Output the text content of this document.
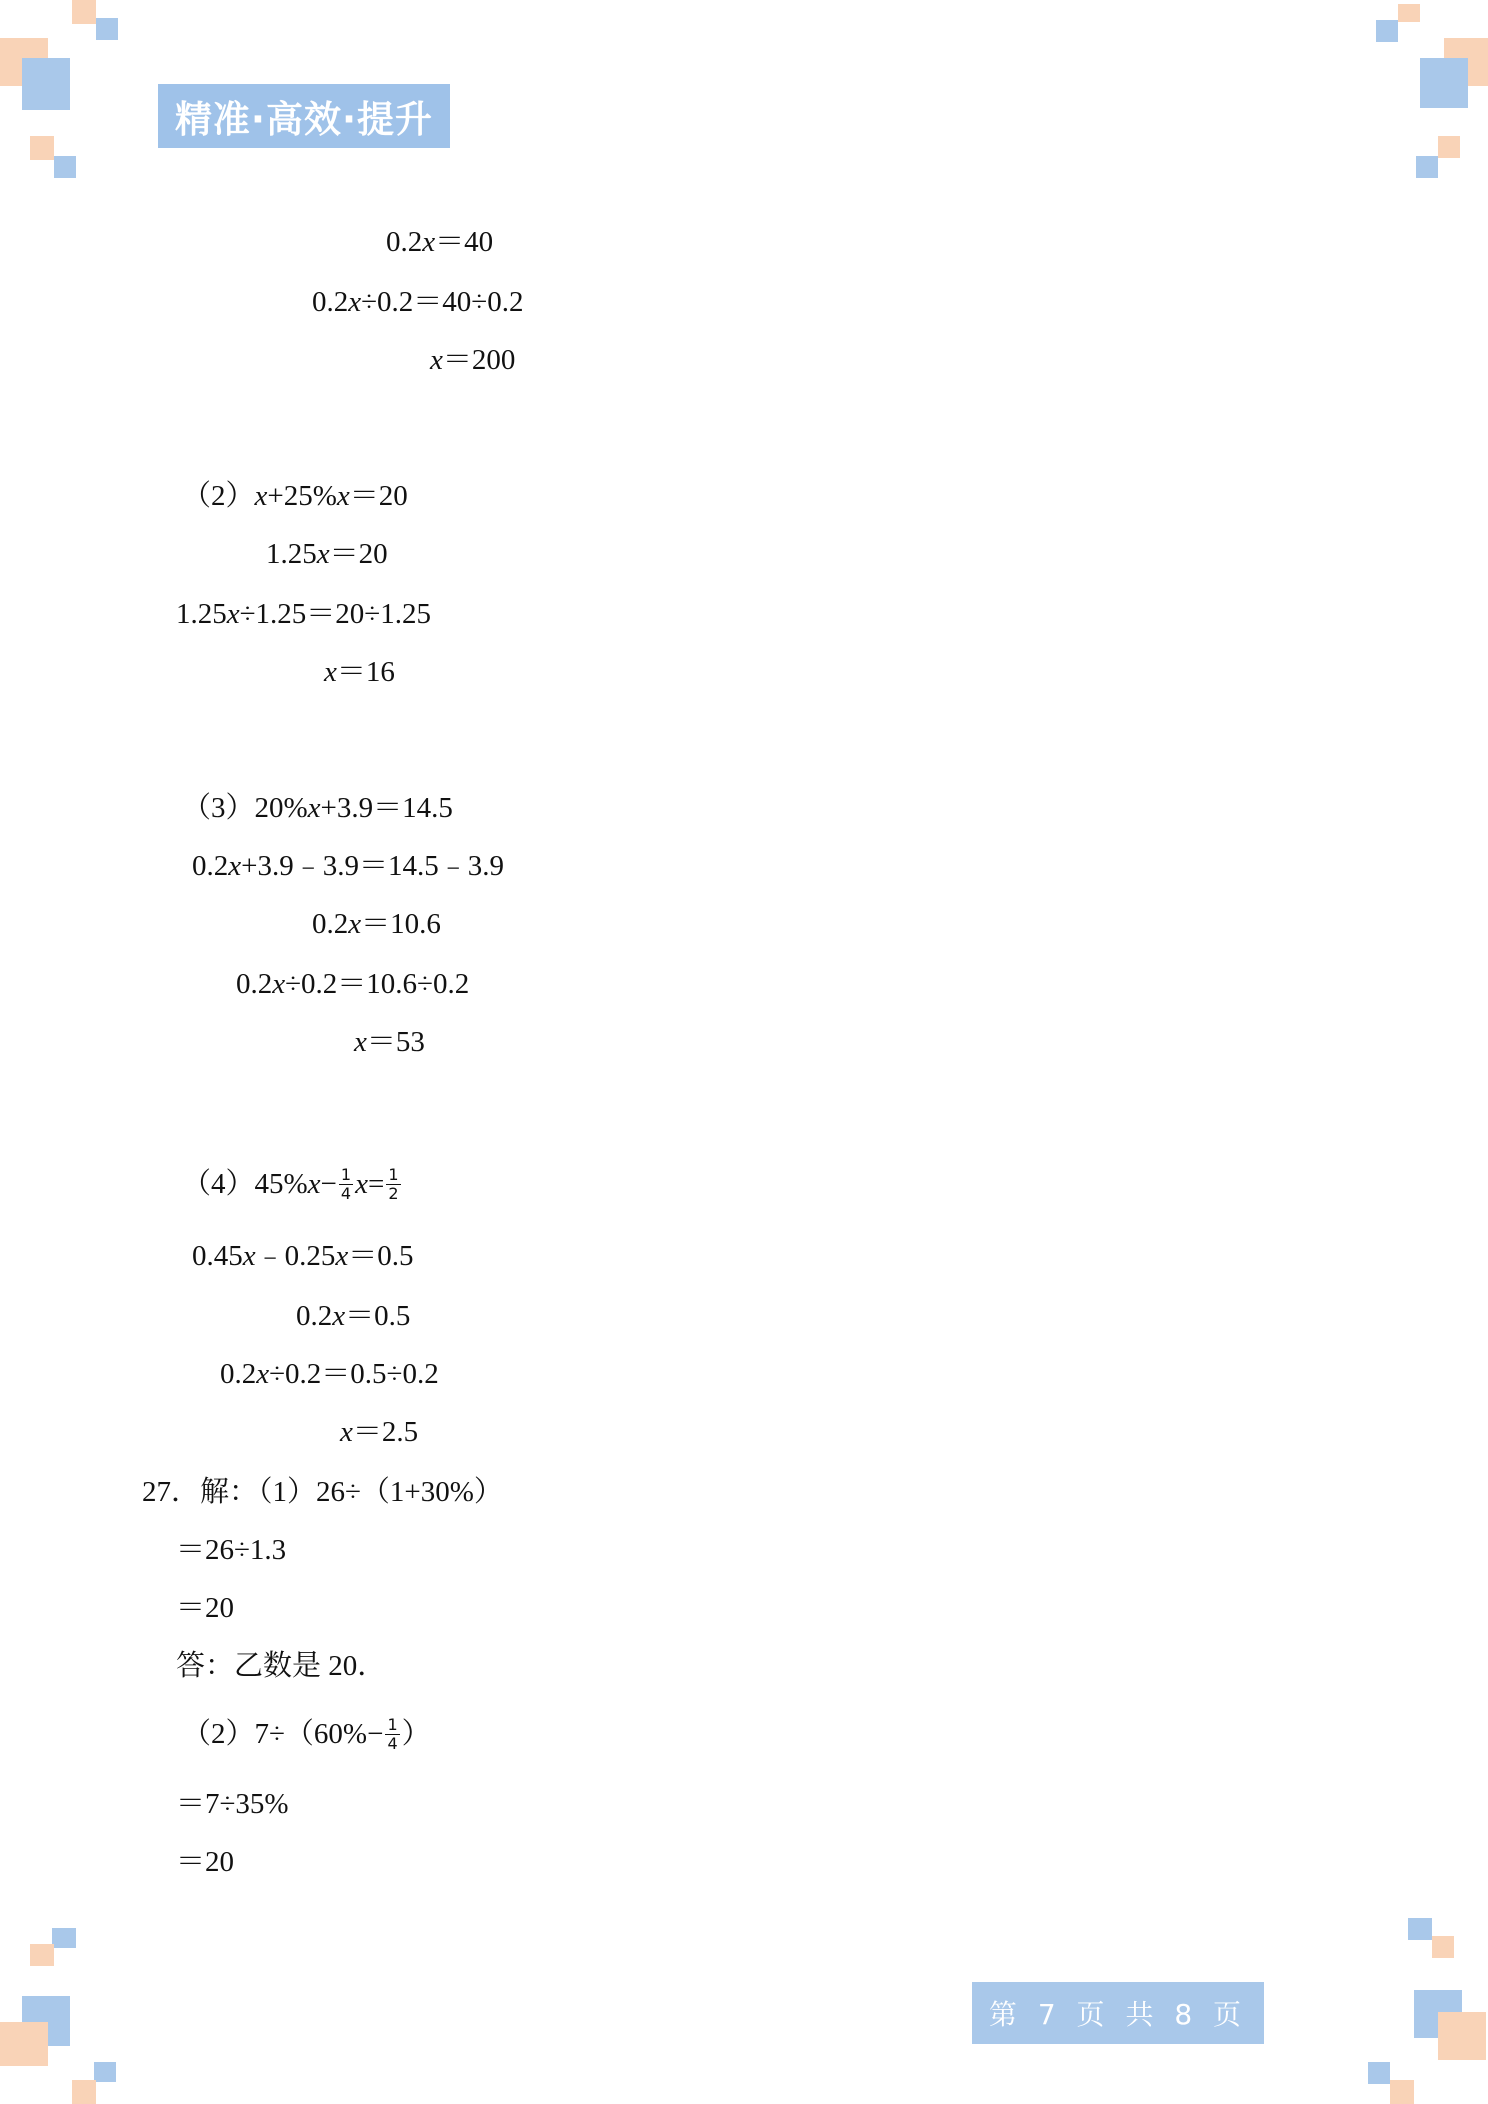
精准·高效·提升
0.2x＝40
0.2x÷0.2＝40÷0.2
x＝200
（2）x+25%x＝20
1.25x＝20
1.25x÷1.25＝20÷1.25
x＝16
（3）20%x+3.9＝14.5
0.2x+3.9﹣3.9＝14.5﹣3.9
0.2x＝10.6
0.2x÷0.2＝10.6÷0.2
x＝53
$(4)45\%x- \frac{1}{4} x= \frac{1}{2}$
0.45x﹣0.25x＝0.5
0.2x＝0.5
0.2x÷0.2＝0.5÷0.2
x＝2.5
27．解：（1）26÷（1+30%）
＝26÷1.3
＝20
答：乙数是 20．
$(2)7\div(60\%- \frac{1}{4}$ ）
＝7÷35%
＝20
第 7 页 共 8 页
